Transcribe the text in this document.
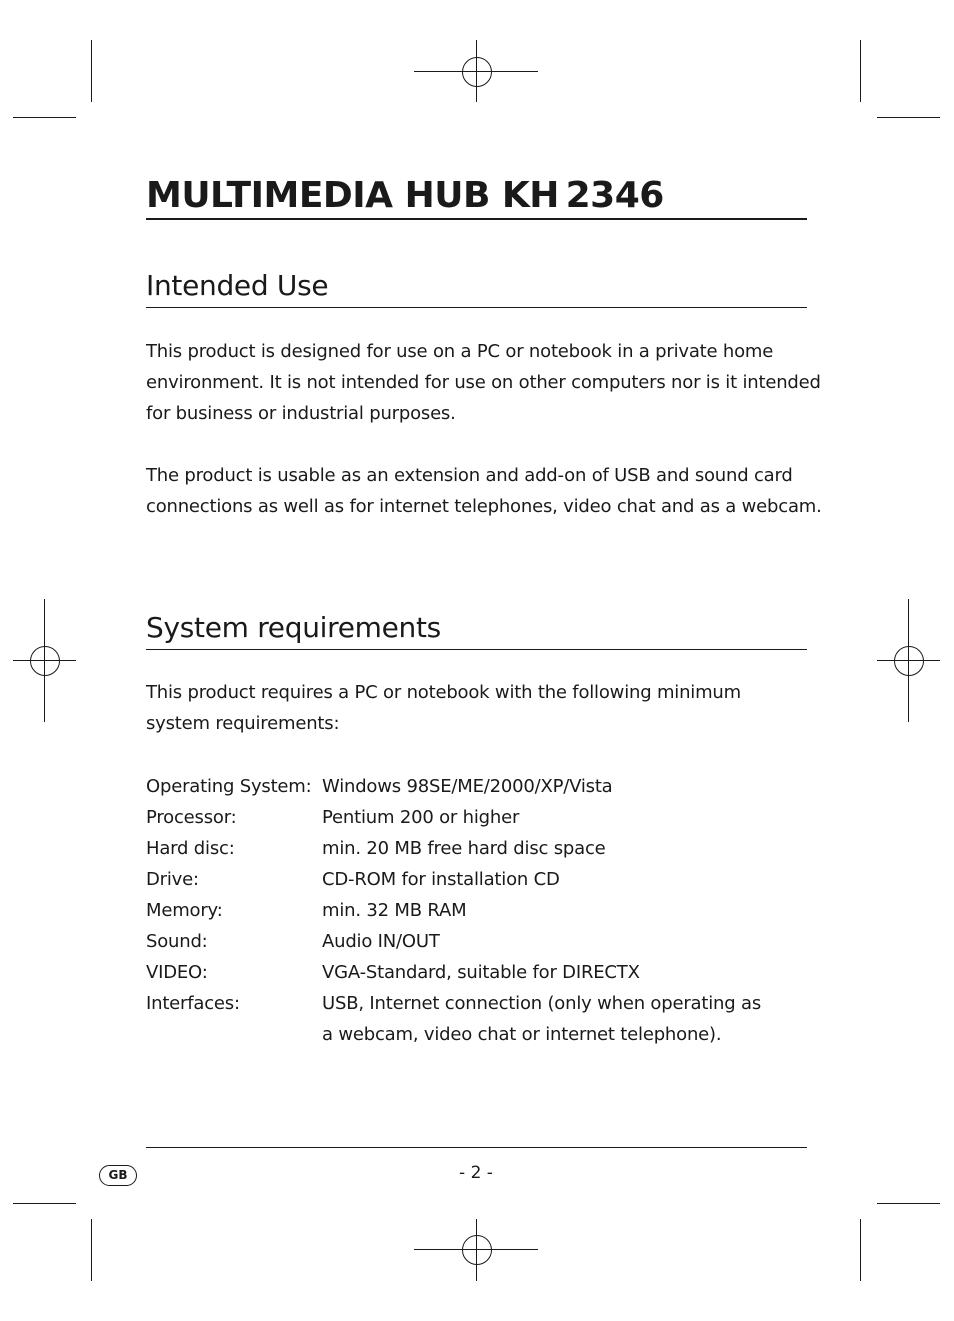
MULTIMEDIA HUB KH 2346
Intended Use

This product is designed for use on a PC or notebook in a private home environment. It is not intended for use on other computers nor is it intended for business or industrial purposes.

The product is usable as an extension and add-on of USB and sound card connections as well as for internet telephones, video chat and as a webcam.

System requirements

This product requires a PC or notebook with the following minimum system requirements:

Operating System: Windows 98SE/ME/2000/XP/Vista
Processor:	Pentium 200 or higher
Hard disc:	min. 20 MB free hard disc space
Drive:	CD-ROM for installation CD
Memory:	min. 32 MB RAM
Sound:	Audio IN/OUT
VIDEO:	VGA-Standard, suitable for DIRECTX
Interfaces:	USB, Internet connection (only when operating as a webcam, video chat or internet telephone).
GB	- 2 -
